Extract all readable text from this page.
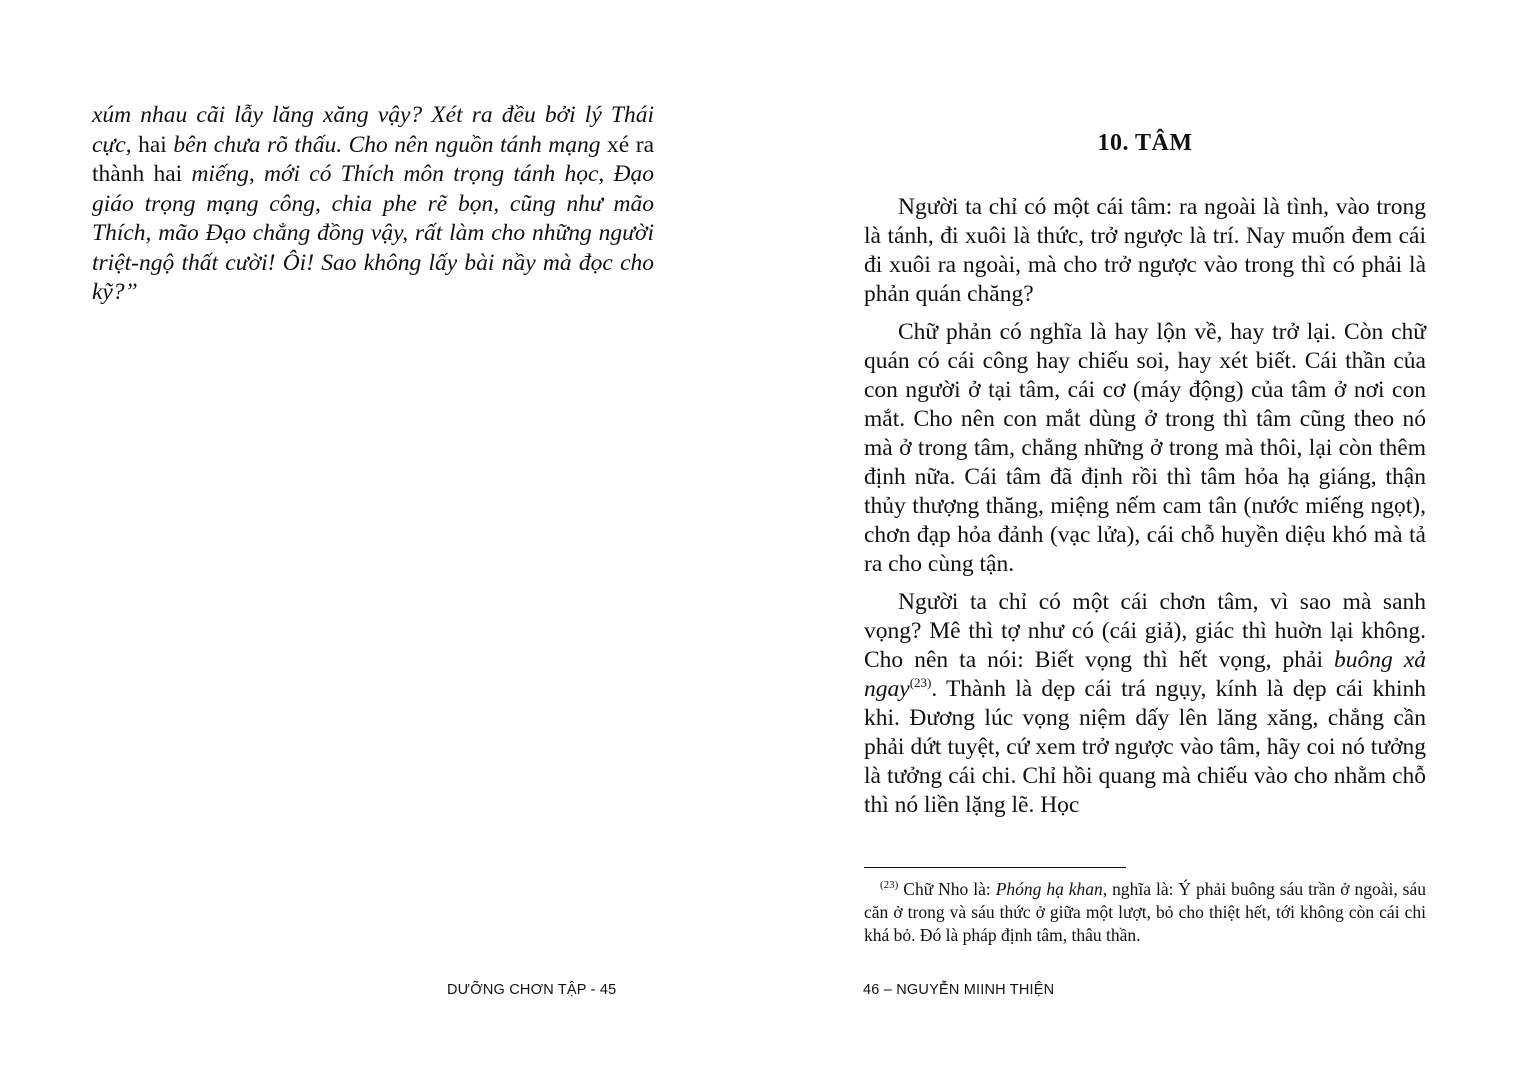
xúm nhau cãi lẫy lăng xăng vậy? Xét ra đều bởi lý Thái cực, hai bên chưa rõ thấu. Cho nên nguồn tánh mạng xé ra thành hai miếng, mới có Thích môn trọng tánh học, Đạo giáo trọng mạng công, chia phe rẽ bọn, cũng như mão Thích, mão Đạo chẳng đồng vậy, rất làm cho những người triệt-ngộ thất cười! Ôi! Sao không lấy bài nầy mà đọc cho kỹ?”
DƯỠNG CHƠN TẬP - 45
10. TÂM

Người ta chỉ có một cái tâm: ra ngoài là tình, vào trong là tánh, đi xuôi là thức, trở ngược là trí. Nay muốn đem cái đi xuôi ra ngoài, mà cho trở ngược vào trong thì có phải là phản quán chăng?

Chữ phản có nghĩa là hay lộn về, hay trở lại. Còn chữ quán có cái công hay chiếu soi, hay xét biết. Cái thần của con người ở tại tâm, cái cơ (máy động) của tâm ở nơi con mắt. Cho nên con mắt dùng ở trong thì tâm cũng theo nó mà ở trong tâm, chẳng những ở trong mà thôi, lại còn thêm định nữa. Cái tâm đã định rồi thì tâm hỏa hạ giáng, thận thủy thượng thăng, miệng nếm cam tân (nước miếng ngọt), chơn đạp hỏa đảnh (vạc lửa), cái chỗ huyền diệu khó mà tả ra cho cùng tận.

Người ta chỉ có một cái chơn tâm, vì sao mà sanh vọng? Mê thì tợ như có (cái giả), giác thì huờn lại không. Cho nên ta nói: Biết vọng thì hết vọng, phải buông xả ngay$^{(23)}$. Thành là dẹp cái trá ngụy, kính là dẹp cái khinh khi. Đương lúc vọng niệm dấy lên lăng xăng, chẳng cần phải dứt tuyệt, cứ xem trở ngược vào tâm, hãy coi nó tưởng là tưởng cái chi. Chỉ hồi quang mà chiếu vào cho nhằm chỗ thì nó liền lặng lẽ. Học

$^{(23)}$ Chữ Nho là: Phóng hạ khan, nghĩa là: Ý phải buông sáu trần ở ngoài, sáu căn ở trong và sáu thức ở giữa một lượt, bỏ cho thiệt hết, tới không còn cái chi khá bỏ. Đó là pháp định tâm, thâu thần.
46 – NGUYỄN MIINH THIỆN
